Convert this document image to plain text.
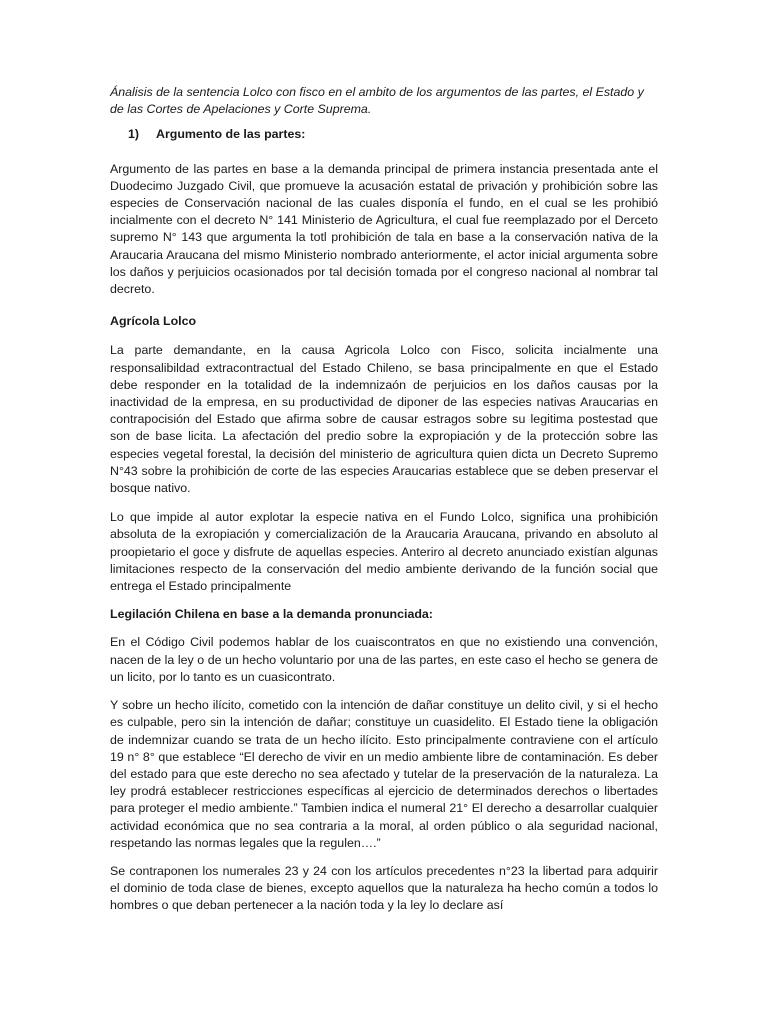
Ánalisis de la sentencia Lolco con fisco en el ambito de los argumentos de las partes, el Estado y de las Cortes de Apelaciones y Corte Suprema.

1) Argumento de las partes:

Argumento de las partes en base a la demanda principal de primera instancia presentada ante el Duodecimo Juzgado Civil, que promueve la acusación estatal de privación y prohibición sobre las especies de Conservación nacional de las cuales disponía el fundo, en el cual se les prohibió incialmente con el decreto N° 141 Ministerio de Agricultura, el cual fue reemplazado por el Derceto supremo N° 143 que argumenta la totl prohibición de tala en base a la conservación nativa de la Araucaria Araucana del mismo Ministerio nombrado anteriormente, el actor inicial argumenta sobre los daños y perjuicios ocasionados por tal decisión tomada por el congreso nacional al nombrar tal decreto.

Agrícola Lolco

La parte demandante, en la causa Agricola Lolco con Fisco, solicita incialmente una responsalibildad extracontractual del Estado Chileno, se basa principalmente en que el Estado debe responder en la totalidad de la indemnizaón de perjuicios en los daños causas por la inactividad de la empresa, en su productividad de diponer de las especies nativas Araucarias en contrapocisión del Estado que afirma sobre de causar estragos sobre su legitima postestad que son de base licita. La afectación del predio sobre la expropiación y de la protección sobre las especies vegetal forestal, la decisión del ministerio de agricultura quien dicta un Decreto Supremo N°43 sobre la prohibición de corte de las especies Araucarias establece que se deben preservar el bosque nativo.

Lo que impide al autor explotar la especie nativa en el Fundo Lolco, significa una prohibición absoluta de la exropiación y comercialización de la Araucaria Araucana, privando en absoluto al proopietario el goce y disfrute de aquellas especies. Anteriro al decreto anunciado existían algunas limitaciones respecto de la conservación del medio ambiente derivando de la función social que entrega el Estado principalmente

Legilación Chilena en base a la demanda pronunciada:

En el Código Civil podemos hablar de los cuaiscontratos en que no existiendo una convención, nacen de la ley o de un hecho voluntario por una de las partes, en este caso el hecho se genera de un licito, por lo tanto es un cuasicontrato.

Y sobre un hecho ilícito, cometido con la intención de dañar constituye un delito civil, y si el hecho es culpable, pero sin la intención de dañar; constituye un cuasidelito. El Estado tiene la obligación de indemnizar cuando se trata de un hecho ilícito. Esto principalmente contraviene con el artículo 19 n° 8° que establece “El derecho de vivir en un medio ambiente libre de contaminación. Es deber del estado para que este derecho no sea afectado y tutelar de la preservación de la naturaleza. La ley prodrá establecer restricciones específicas al ejercicio de determinados derechos o libertades para proteger el medio ambiente.” Tambien indica el numeral 21° El derecho a desarrollar cualquier actividad económica que no sea contraria a la moral, al orden público o ala seguridad nacional, respetando las normas legales que la regulen….”

Se contraponen los numerales 23 y 24 con los artículos precedentes n°23 la libertad para adquirir el dominio de toda clase de bienes, excepto aquellos que la naturaleza ha hecho común a todos lo hombres o que deban pertenecer a la nación toda y la ley lo declare así
